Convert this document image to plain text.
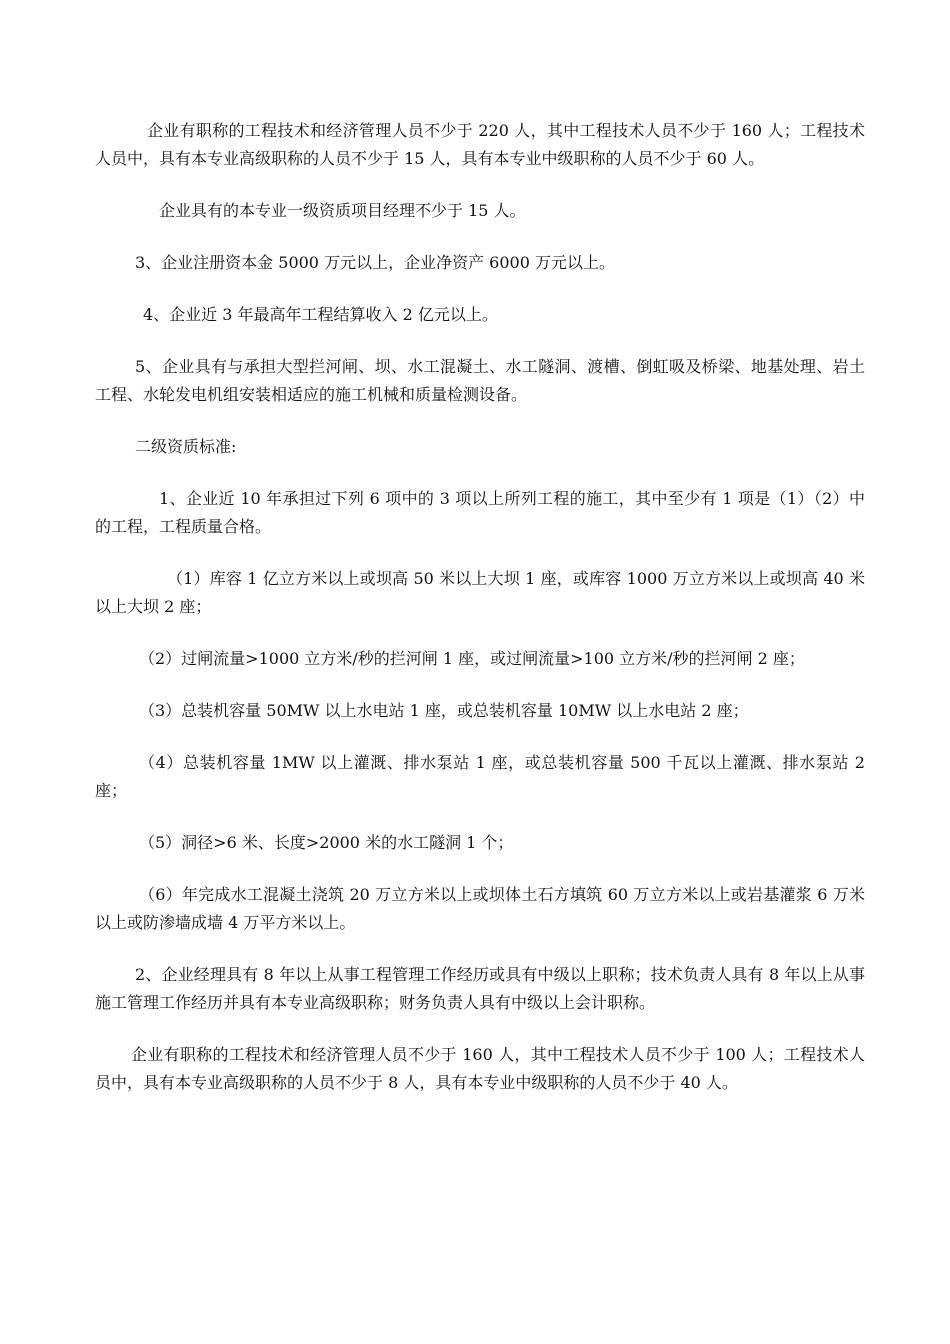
企业有职称的工程技术和经济管理人员不少于 220 人，其中工程技术人员不少于 160 人；工程技术人员中，具有本专业高级职称的人员不少于 15 人，具有本专业中级职称的人员不少于 60 人。

企业具有的本专业一级资质项目经理不少于 15 人。

3、企业注册资本金 5000 万元以上，企业净资产 6000 万元以上。

4、企业近 3 年最高年工程结算收入 2 亿元以上。

5、企业具有与承担大型拦河闸、坝、水工混凝土、水工隧洞、渡槽、倒虹吸及桥梁、地基处理、岩土工程、水轮发电机组安装相适应的施工机械和质量检测设备。

二级资质标准:

1、企业近 10 年承担过下列 6 项中的 3 项以上所列工程的施工，其中至少有 1 项是（1）（2）中的工程，工程质量合格。

（1）库容 1 亿立方米以上或坝高 50 米以上大坝 1 座，或库容 1000 万立方米以上或坝高 40 米以上大坝 2 座；

（2）过闸流量>1000 立方米/秒的拦河闸 1 座，或过闸流量>100 立方米/秒的拦河闸 2 座；

（3）总装机容量 50MW 以上水电站 1 座，或总装机容量 10MW 以上水电站 2 座；

（4）总装机容量 1MW 以上灌溉、排水泵站 1 座，或总装机容量 500 千瓦以上灌溉、排水泵站 2 座；

（5）洞径>6 米、长度>2000 米的水工隧洞 1 个；

（6）年完成水工混凝土浇筑 20 万立方米以上或坝体土石方填筑 60 万立方米以上或岩基灌浆 6 万米以上或防渗墙成墙 4 万平方米以上。

2、企业经理具有 8 年以上从事工程管理工作经历或具有中级以上职称；技术负责人具有 8 年以上从事施工管理工作经历并具有本专业高级职称；财务负责人具有中级以上会计职称。

企业有职称的工程技术和经济管理人员不少于 160 人，其中工程技术人员不少于 100 人；工程技术人员中，具有本专业高级职称的人员不少于 8 人，具有本专业中级职称的人员不少于 40 人。
